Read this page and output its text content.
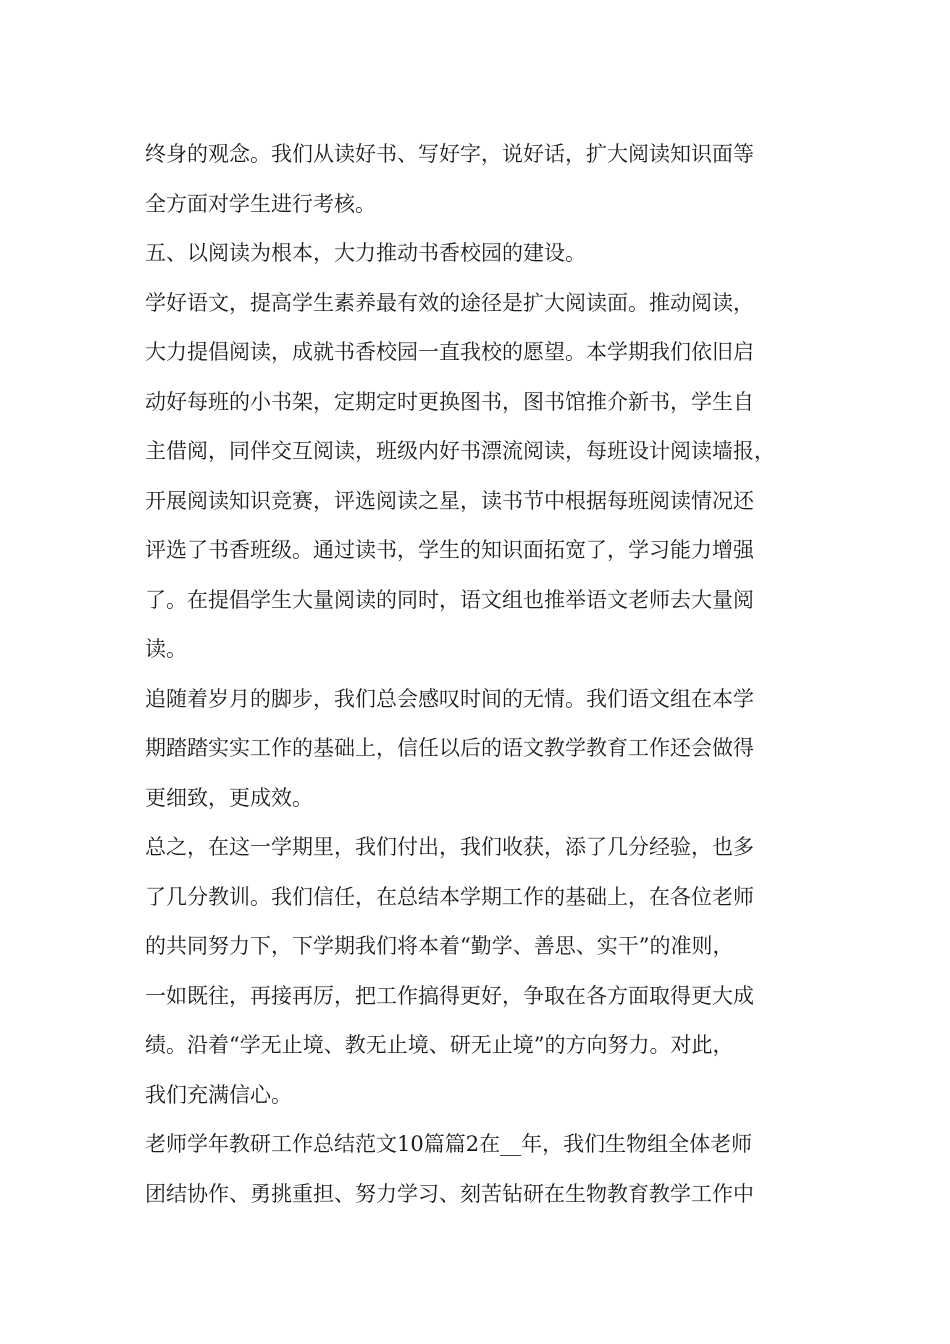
终身的观念。我们从读好书、写好字，说好话，扩大阅读知识面等
全方面对学生进行考核。
五、以阅读为根本，大力推动书香校园的建设。
学好语文，提高学生素养最有效的途径是扩大阅读面。推动阅读，
大力提倡阅读，成就书香校园一直我校的愿望。本学期我们依旧启
动好每班的小书架，定期定时更换图书，图书馆推介新书，学生自
主借阅，同伴交互阅读，班级内好书漂流阅读，每班设计阅读墙报，
开展阅读知识竞赛，评选阅读之星，读书节中根据每班阅读情况还
评选了书香班级。通过读书，学生的知识面拓宽了，学习能力增强
了。在提倡学生大量阅读的同时，语文组也推举语文老师去大量阅
读。
追随着岁月的脚步，我们总会感叹时间的无情。我们语文组在本学
期踏踏实实工作的基础上，信任以后的语文教学教育工作还会做得
更细致，更成效。
总之，在这一学期里，我们付出，我们收获，添了几分经验，也多
了几分教训。我们信任，在总结本学期工作的基础上，在各位老师
的共同努力下，下学期我们将本着“勤学、善思、实干”的准则，
一如既往，再接再厉，把工作搞得更好，争取在各方面取得更大成
绩。沿着“学无止境、教无止境、研无止境”的方向努力。对此，
我们充满信心。
老师学年教研工作总结范文10篇篇2在__年，我们生物组全体老师
团结协作、勇挑重担、努力学习、刻苦钻研在生物教育教学工作中
